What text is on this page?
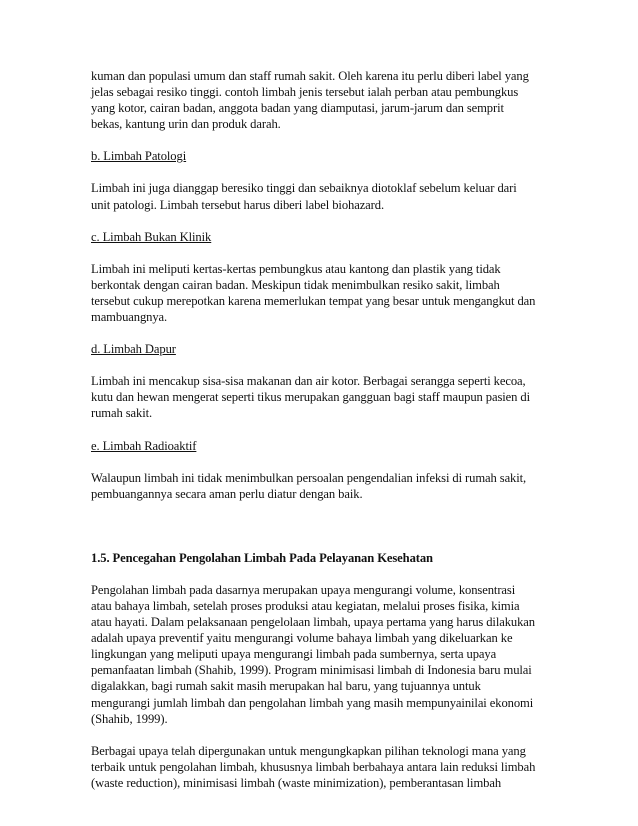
kuman dan populasi umum dan staff rumah sakit. Oleh karena itu perlu diberi label yang
jelas sebagai resiko tinggi. contoh limbah jenis tersebut ialah perban atau pembungkus
yang kotor, cairan badan, anggota badan yang diamputasi, jarum-jarum dan semprit
bekas, kantung urin dan produk darah.
b. Limbah Patologi
Limbah ini juga dianggap beresiko tinggi dan sebaiknya diotoklaf sebelum keluar dari
unit patologi. Limbah tersebut harus diberi label biohazard.
c. Limbah Bukan Klinik
Limbah ini meliputi kertas-kertas pembungkus atau kantong dan plastik yang tidak
berkontak dengan cairan badan. Meskipun tidak menimbulkan resiko sakit, limbah
tersebut cukup merepotkan karena memerlukan tempat yang besar untuk mengangkut dan
mambuangnya.
d. Limbah Dapur
Limbah ini mencakup sisa-sisa makanan dan air kotor. Berbagai serangga seperti kecoa,
kutu dan hewan mengerat seperti tikus merupakan gangguan bagi staff maupun pasien di
rumah sakit.
e. Limbah Radioaktif
Walaupun limbah ini tidak menimbulkan persoalan pengendalian infeksi di rumah sakit,
pembuangannya secara aman perlu diatur dengan baik.
1.5. Pencegahan Pengolahan Limbah Pada Pelayanan Kesehatan
Pengolahan limbah pada dasarnya merupakan upaya mengurangi volume, konsentrasi
atau bahaya limbah, setelah proses produksi atau kegiatan, melalui proses fisika, kimia
atau hayati. Dalam pelaksanaan pengelolaan limbah, upaya pertama yang harus dilakukan
adalah upaya preventif yaitu mengurangi volume bahaya limbah yang dikeluarkan ke
lingkungan yang meliputi upaya mengurangi limbah pada sumbernya, serta upaya
pemanfaatan limbah (Shahib, 1999). Program minimisasi limbah di Indonesia baru mulai
digalakkan, bagi rumah sakit masih merupakan hal baru, yang tujuannya untuk
mengurangi jumlah limbah dan pengolahan limbah yang masih mempunyainilai ekonomi
(Shahib, 1999).
Berbagai upaya telah dipergunakan untuk mengungkapkan pilihan teknologi mana yang
terbaik untuk pengolahan limbah, khususnya limbah berbahaya antara lain reduksi limbah
(waste reduction), minimisasi limbah (waste minimization), pemberantasan limbah
